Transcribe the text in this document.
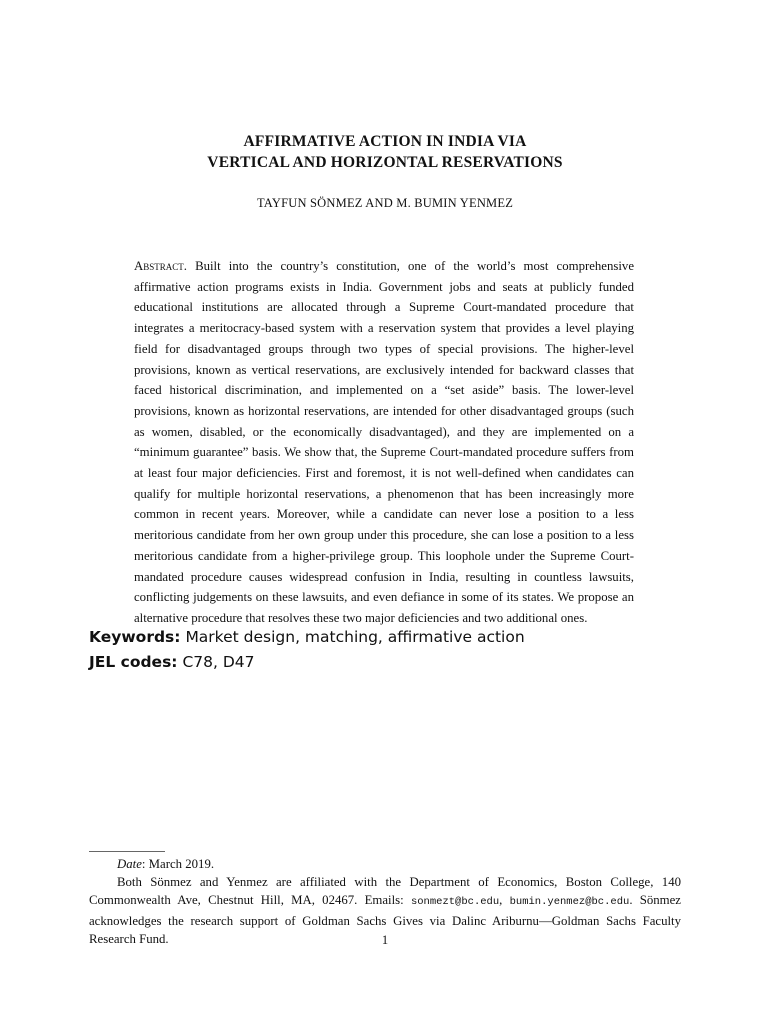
AFFIRMATIVE ACTION IN INDIA VIA
VERTICAL AND HORIZONTAL RESERVATIONS
TAYFUN SÖNMEZ AND M. BUMIN YENMEZ
Abstract. Built into the country’s constitution, one of the world’s most comprehensive affirmative action programs exists in India. Government jobs and seats at publicly funded educational institutions are allocated through a Supreme Court-mandated procedure that integrates a meritocracy-based system with a reservation system that provides a level playing field for disadvantaged groups through two types of special provisions. The higher-level provisions, known as vertical reservations, are exclusively intended for backward classes that faced historical discrimination, and implemented on a “set aside” basis. The lower-level provisions, known as horizontal reservations, are intended for other disadvantaged groups (such as women, disabled, or the economically disadvantaged), and they are implemented on a “minimum guarantee” basis. We show that, the Supreme Court-mandated procedure suffers from at least four major deficiencies. First and foremost, it is not well-defined when candidates can qualify for multiple horizontal reservations, a phenomenon that has been increasingly more common in recent years. Moreover, while a candidate can never lose a position to a less meritorious candidate from her own group under this procedure, she can lose a position to a less meritorious candidate from a higher-privilege group. This loophole under the Supreme Court-mandated procedure causes widespread confusion in India, resulting in countless lawsuits, conflicting judgements on these lawsuits, and even defiance in some of its states. We propose an alternative procedure that resolves these two major deficiencies and two additional ones.
Keywords: Market design, matching, affirmative action
JEL codes: C78, D47

Date: March 2019.

Both Sönmez and Yenmez are affiliated with the Department of Economics, Boston College, 140 Commonwealth Ave, Chestnut Hill, MA, 02467. Emails: sonmezt@bc.edu, bumin.yenmez@bc.edu. Sönmez acknowledges the research support of Goldman Sachs Gives via Dalinc Ariburnu—Goldman Sachs Faculty Research Fund.	1
